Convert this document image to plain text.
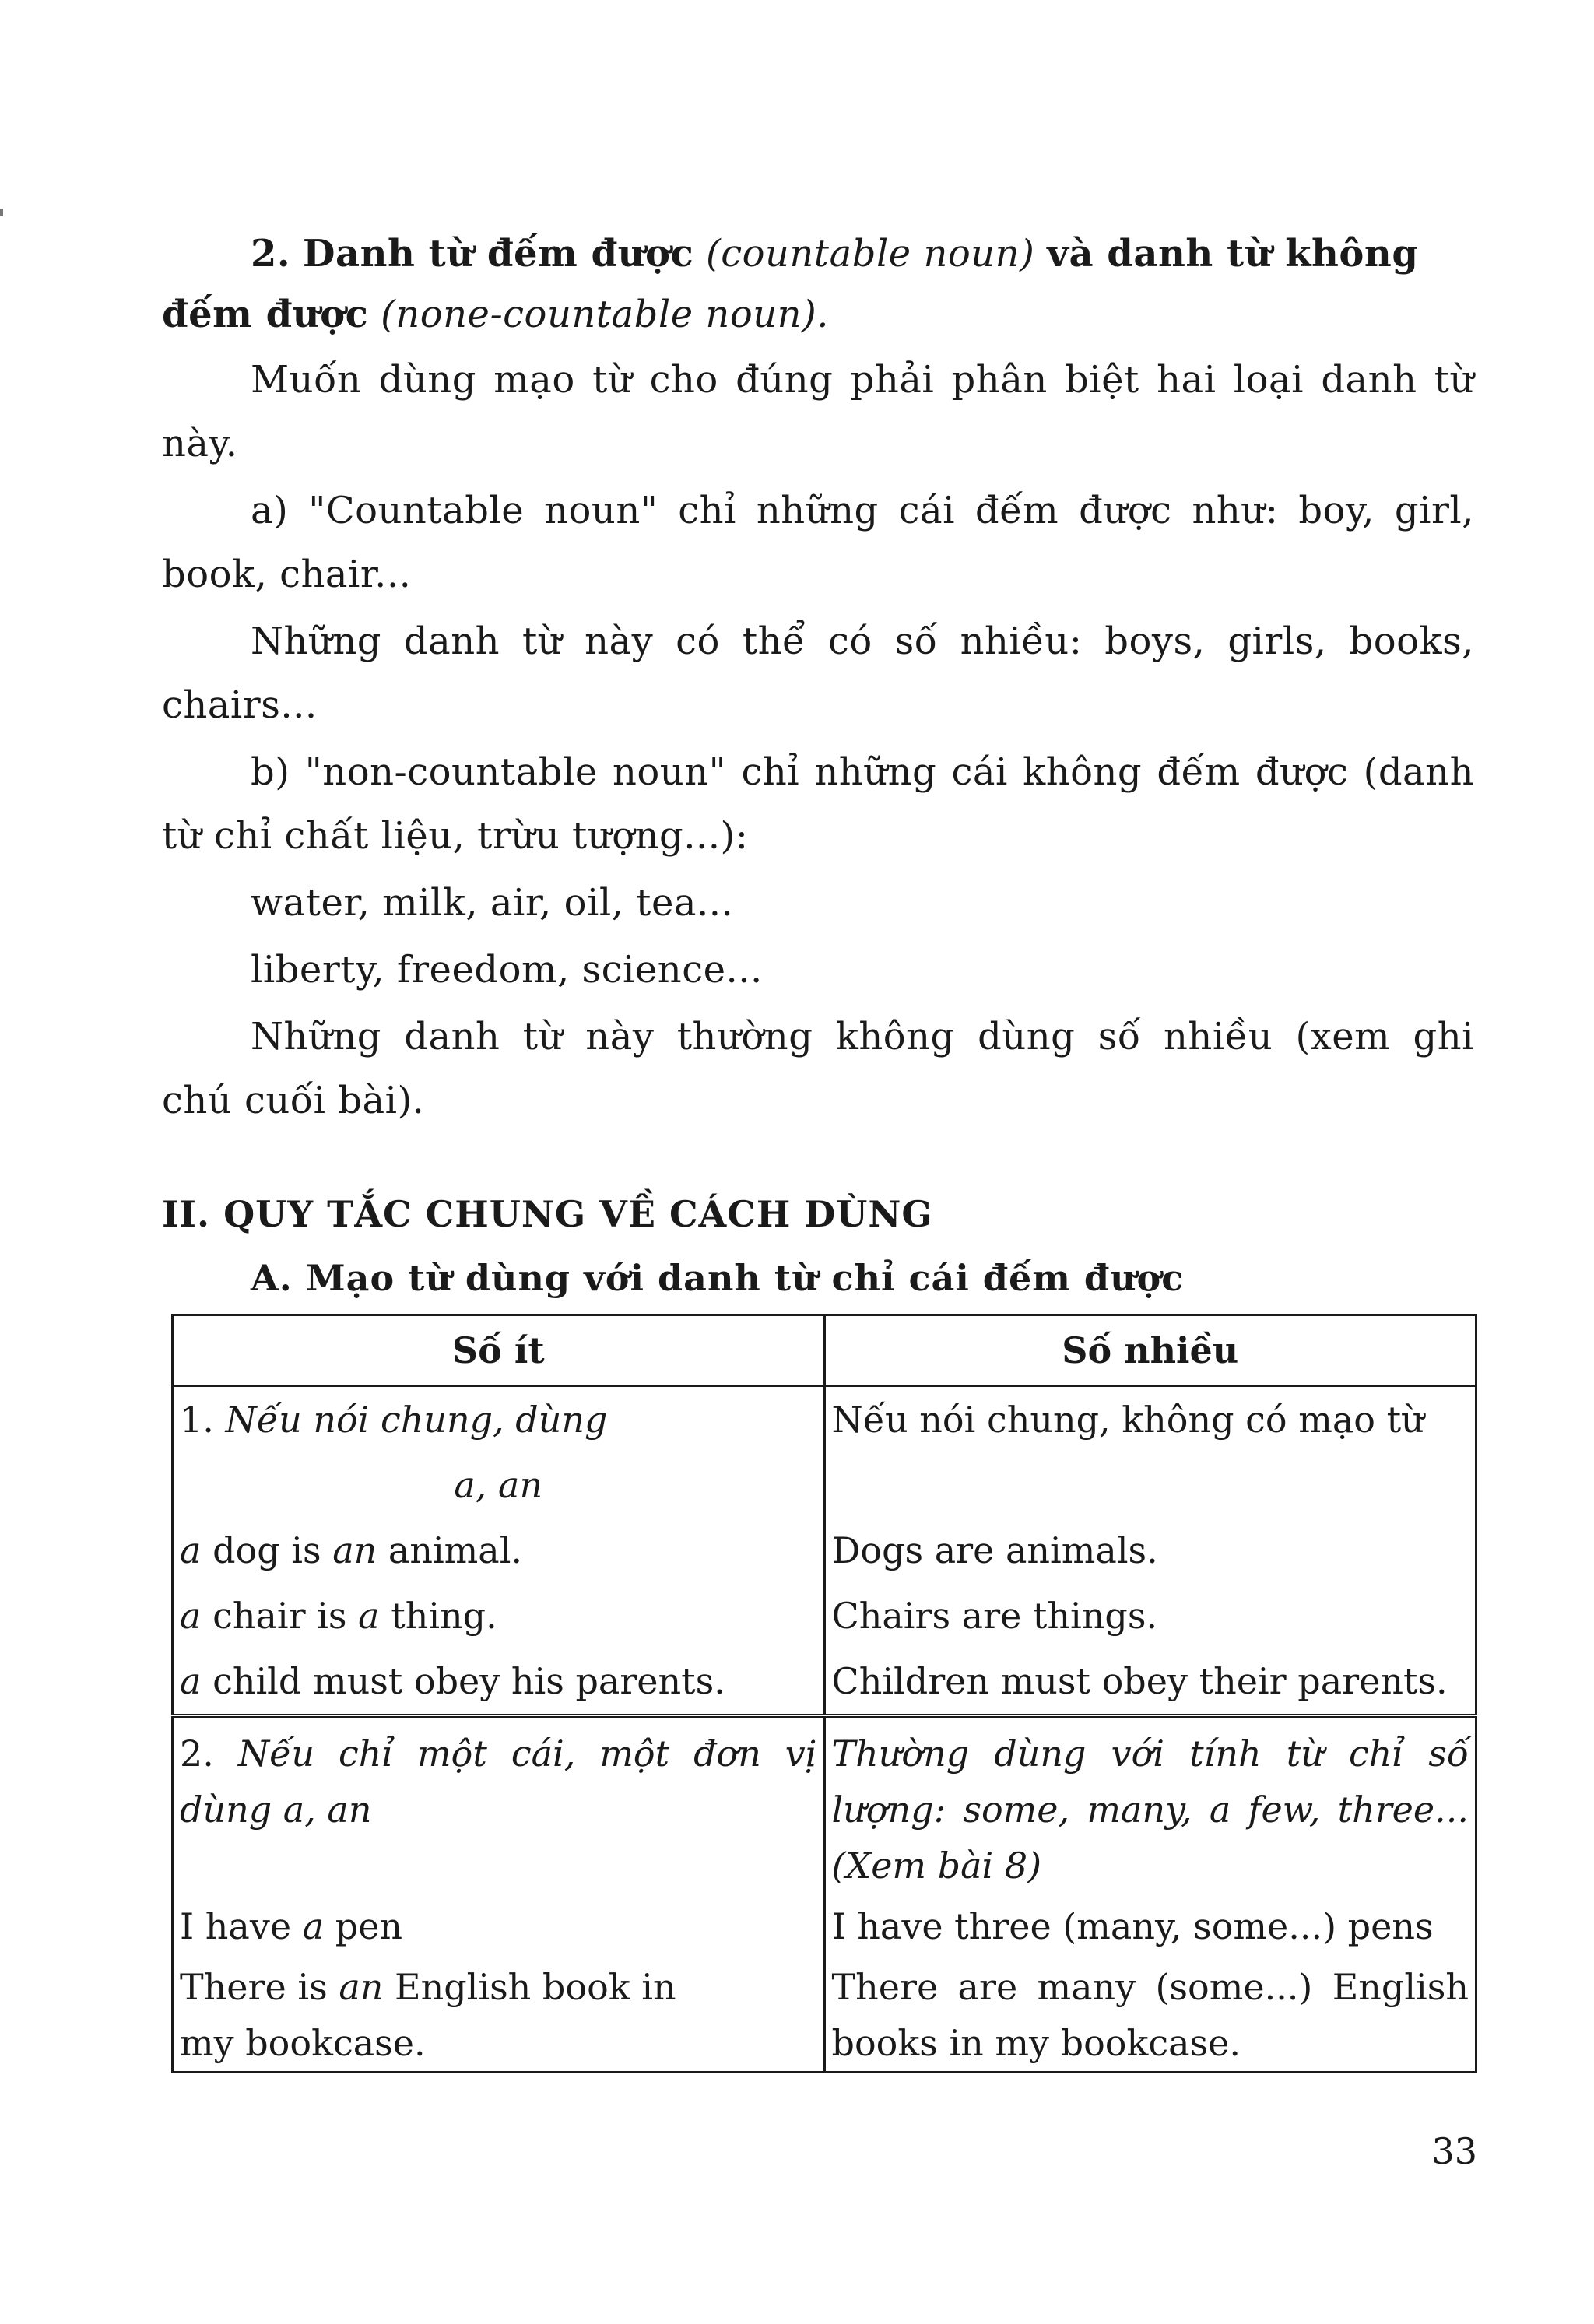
2. Danh từ đếm được (countable noun) và danh từ không
đếm được (none-countable noun).
Muốn dùng mạo từ cho đúng phải phân biệt hai loại danh từ
này.
a) "Countable noun" chỉ những cái đếm được như: boy, girl,
book, chair...
Những danh từ này có thể có số nhiều: boys, girls, books,
chairs...
b) "non-countable noun" chỉ những cái không đếm được (danh
từ chỉ chất liệu, trừu tượng...):
water, milk, air, oil, tea...
liberty, freedom, science...
Những danh từ này thường không dùng số nhiều (xem ghi
chú cuối bài).
II. QUY TẮC CHUNG VỀ CÁCH DÙNG
A. Mạo từ dùng với danh từ chỉ cái đếm được
Số ít	Số nhiều
1. Nếu nói chung, dùng	Nếu nói chung, không có mạo từ
a, an	
a dog is an animal.	Dogs are animals.
a chair is a thing.	Chairs are things.
a child must obey his parents.	Children must obey their parents.
2. Nếu chỉ một cái, một đơn vị	Thường dùng với tính từ chỉ số
dùng a, an	lượng: some, many, a few, three...
	(Xem bài 8)
I have a pen	I have three (many, some...) pens
There is an English book in	There are many (some...) English
my bookcase.	books in my bookcase.
33
